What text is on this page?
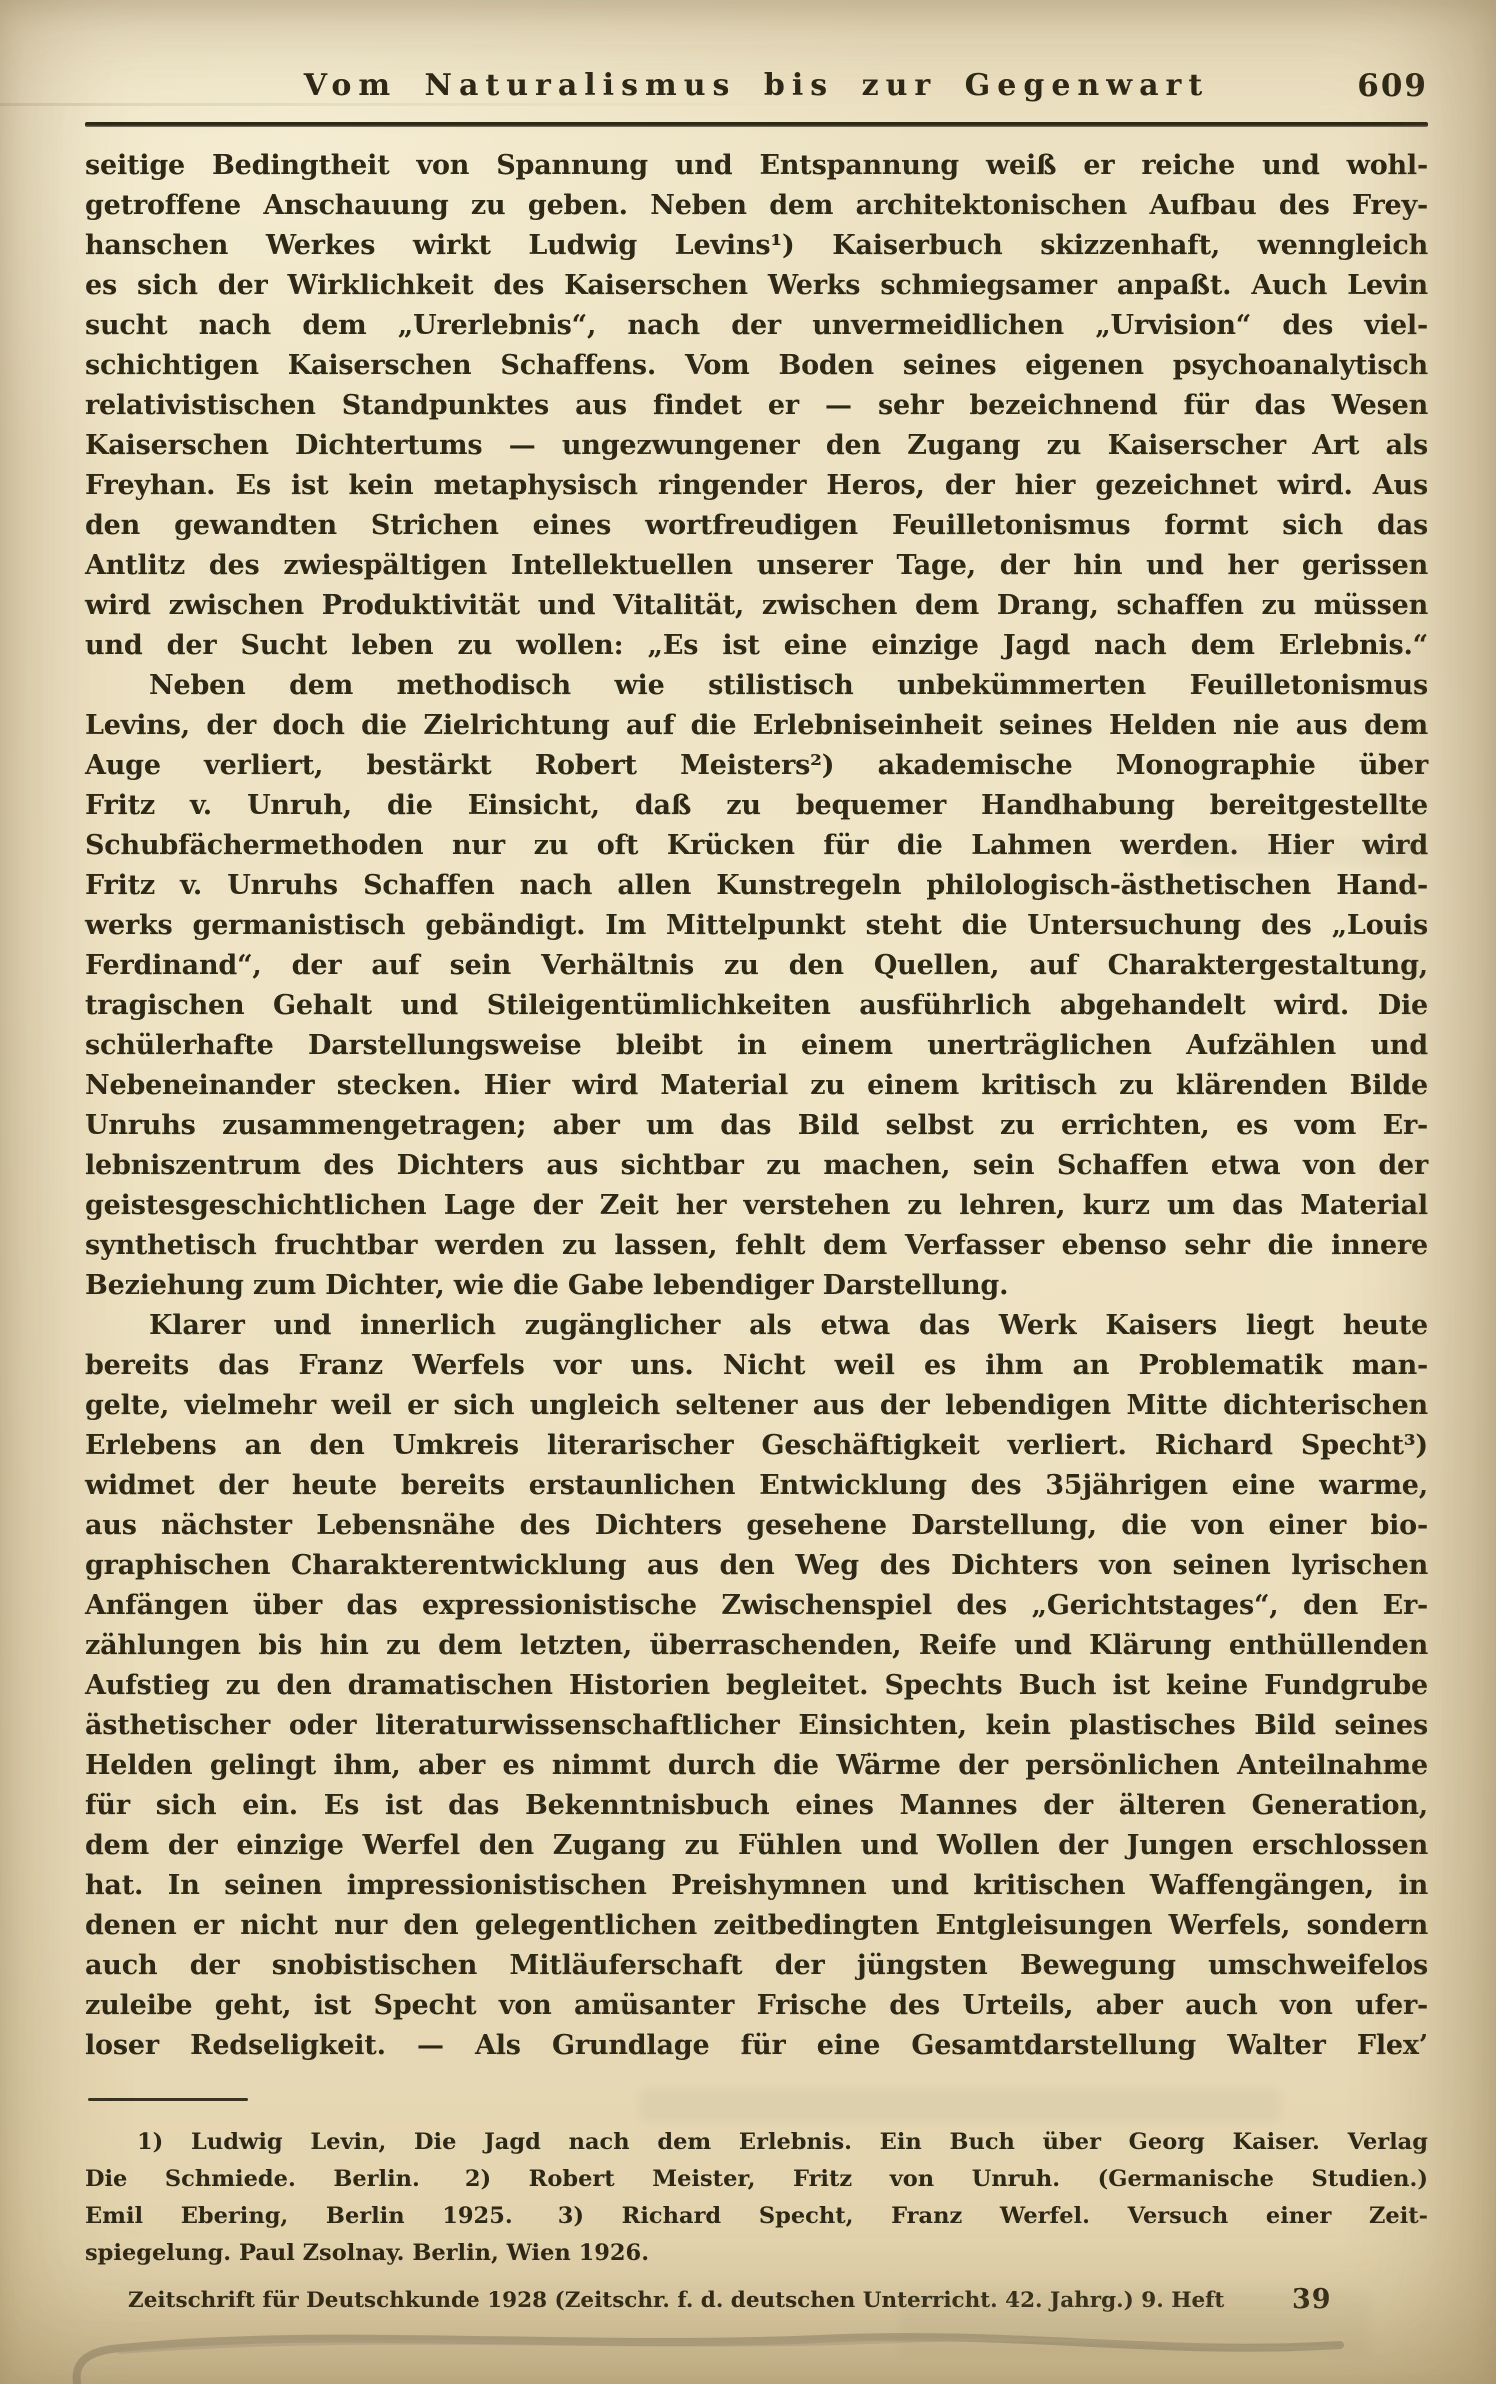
Vom Naturalismus bis zur Gegenwart	609
seitige Bedingtheit von Spannung und Entspannung weiß er reiche und wohl-
getroffene Anschauung zu geben. Neben dem architektonischen Aufbau des Frey-
hanschen Werkes wirkt Ludwig Levins¹) Kaiserbuch skizzenhaft, wenngleich
es sich der Wirklichkeit des Kaiserschen Werks schmiegsamer anpaßt. Auch Levin
sucht nach dem „Urerlebnis“, nach der unvermeidlichen „Urvision“ des viel-
schichtigen Kaiserschen Schaffens. Vom Boden seines eigenen psychoanalytisch
relativistischen Standpunktes aus findet er — sehr bezeichnend für das Wesen
Kaiserschen Dichtertums — ungezwungener den Zugang zu Kaiserscher Art als
Freyhan. Es ist kein metaphysisch ringender Heros, der hier gezeichnet wird. Aus
den gewandten Strichen eines wortfreudigen Feuilletonismus formt sich das
Antlitz des zwiespältigen Intellektuellen unserer Tage, der hin und her gerissen
wird zwischen Produktivität und Vitalität, zwischen dem Drang, schaffen zu müssen
und der Sucht leben zu wollen: „Es ist eine einzige Jagd nach dem Erlebnis.“
Neben dem methodisch wie stilistisch unbekümmerten Feuilletonismus
Levins, der doch die Zielrichtung auf die Erlebniseinheit seines Helden nie aus dem
Auge verliert, bestärkt Robert Meisters²) akademische Monographie über
Fritz v. Unruh, die Einsicht, daß zu bequemer Handhabung bereitgestellte
Schubfächermethoden nur zu oft Krücken für die Lahmen werden. Hier wird
Fritz v. Unruhs Schaffen nach allen Kunstregeln philologisch-ästhetischen Hand-
werks germanistisch gebändigt. Im Mittelpunkt steht die Untersuchung des „Louis
Ferdinand“, der auf sein Verhältnis zu den Quellen, auf Charaktergestaltung,
tragischen Gehalt und Stileigentümlichkeiten ausführlich abgehandelt wird. Die
schülerhafte Darstellungsweise bleibt in einem unerträglichen Aufzählen und
Nebeneinander stecken. Hier wird Material zu einem kritisch zu klärenden Bilde
Unruhs zusammengetragen; aber um das Bild selbst zu errichten, es vom Er-
lebniszentrum des Dichters aus sichtbar zu machen, sein Schaffen etwa von der
geistesgeschichtlichen Lage der Zeit her verstehen zu lehren, kurz um das Material
synthetisch fruchtbar werden zu lassen, fehlt dem Verfasser ebenso sehr die innere
Beziehung zum Dichter, wie die Gabe lebendiger Darstellung.
Klarer und innerlich zugänglicher als etwa das Werk Kaisers liegt heute
bereits das Franz Werfels vor uns. Nicht weil es ihm an Problematik man-
gelte, vielmehr weil er sich ungleich seltener aus der lebendigen Mitte dichterischen
Erlebens an den Umkreis literarischer Geschäftigkeit verliert. Richard Specht³)
widmet der heute bereits erstaunlichen Entwicklung des 35jährigen eine warme,
aus nächster Lebensnähe des Dichters gesehene Darstellung, die von einer bio-
graphischen Charakterentwicklung aus den Weg des Dichters von seinen lyrischen
Anfängen über das expressionistische Zwischenspiel des „Gerichtstages“, den Er-
zählungen bis hin zu dem letzten, überraschenden, Reife und Klärung enthüllenden
Aufstieg zu den dramatischen Historien begleitet. Spechts Buch ist keine Fundgrube
ästhetischer oder literaturwissenschaftlicher Einsichten, kein plastisches Bild seines
Helden gelingt ihm, aber es nimmt durch die Wärme der persönlichen Anteilnahme
für sich ein. Es ist das Bekenntnisbuch eines Mannes der älteren Generation,
dem der einzige Werfel den Zugang zu Fühlen und Wollen der Jungen erschlossen
hat. In seinen impressionistischen Preishymnen und kritischen Waffengängen, in
denen er nicht nur den gelegentlichen zeitbedingten Entgleisungen Werfels, sondern
auch der snobistischen Mitläuferschaft der jüngsten Bewegung umschweifelos
zuleibe geht, ist Specht von amüsanter Frische des Urteils, aber auch von ufer-
loser Redseligkeit. — Als Grundlage für eine Gesamtdarstellung Walter Flex’
1) Ludwig Levin, Die Jagd nach dem Erlebnis. Ein Buch über Georg Kaiser. Verlag
Die Schmiede. Berlin.  2) Robert Meister, Fritz von Unruh. (Germanische Studien.)
Emil Ebering, Berlin 1925.  3) Richard Specht, Franz Werfel. Versuch einer Zeit-
spiegelung. Paul Zsolnay. Berlin, Wien 1926.
Zeitschrift für Deutschkunde 1928 (Zeitschr. f. d. deutschen Unterricht. 42. Jahrg.) 9. Heft	39
